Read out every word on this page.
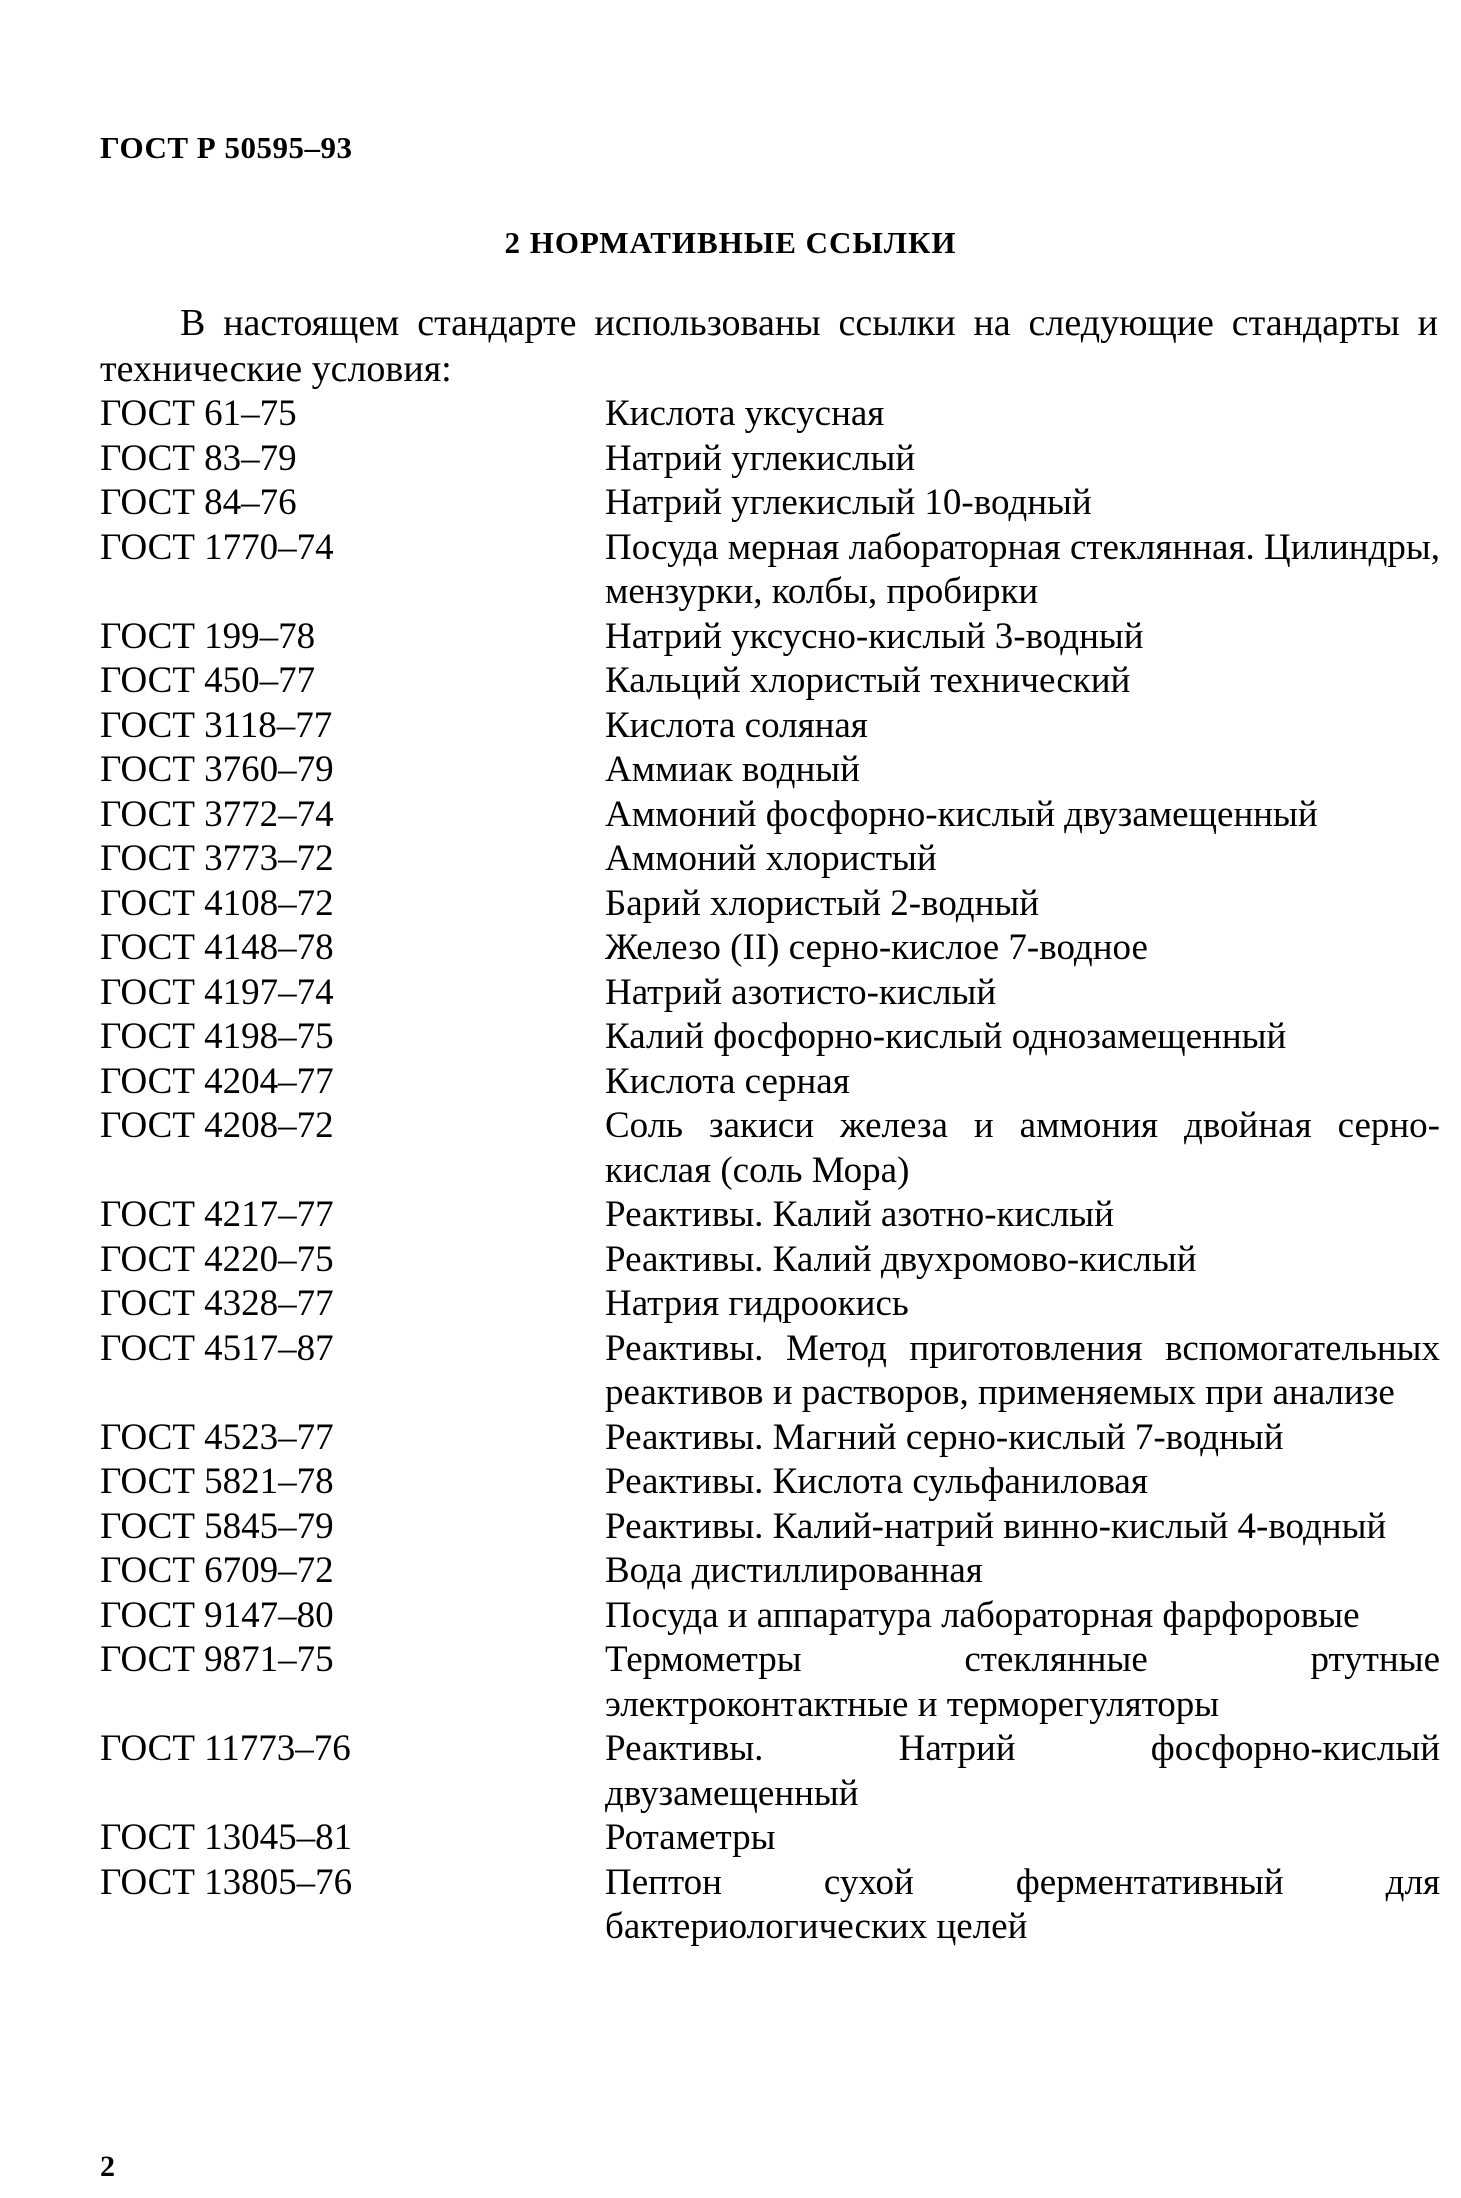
ГОСТ Р 50595–93
2 НОРМАТИВНЫЕ ССЫЛКИ
В настоящем стандарте использованы ссылки на следующие стандарты и технические условия:
ГОСТ 61–75	Кислота уксусная
ГОСТ 83–79	Натрий углекислый
ГОСТ 84–76	Натрий углекислый 10-водный
ГОСТ 1770–74	Посуда мерная лабораторная стеклянная. Цилиндры, мензурки, колбы, пробирки
ГОСТ 199–78	Натрий уксусно-кислый 3-водный
ГОСТ 450–77	Кальций хлористый технический
ГОСТ 3118–77	Кислота соляная
ГОСТ 3760–79	Аммиак водный
ГОСТ 3772–74	Аммоний фосфорно-кислый двузамещенный
ГОСТ 3773–72	Аммоний хлористый
ГОСТ 4108–72	Барий хлористый 2-водный
ГОСТ 4148–78	Железо (II) серно-кислое 7-водное
ГОСТ 4197–74	Натрий азотисто-кислый
ГОСТ 4198–75	Калий фосфорно-кислый однозамещенный
ГОСТ 4204–77	Кислота серная
ГОСТ 4208–72	Соль закиси железа и аммония двойная серно-кислая (соль Мора)
ГОСТ 4217–77	Реактивы. Калий азотно-кислый
ГОСТ 4220–75	Реактивы. Калий двухромово-кислый
ГОСТ 4328–77	Натрия гидроокись
ГОСТ 4517–87	Реактивы. Метод приготовления вспомогательных реактивов и растворов, применяемых при анализе
ГОСТ 4523–77	Реактивы. Магний серно-кислый 7-водный
ГОСТ 5821–78	Реактивы. Кислота сульфаниловая
ГОСТ 5845–79	Реактивы. Калий-натрий винно-кислый 4-водный
ГОСТ 6709–72	Вода дистиллированная
ГОСТ 9147–80	Посуда и аппаратура лабораторная фарфоровые
ГОСТ 9871–75	Термометры стеклянные ртутные электроконтактные и терморегуляторы
ГОСТ 11773–76	Реактивы. Натрий фосфорно-кислый двузамещенный
ГОСТ 13045–81	Ротаметры
ГОСТ 13805–76	Пептон сухой ферментативный для бактериологических целей
2
